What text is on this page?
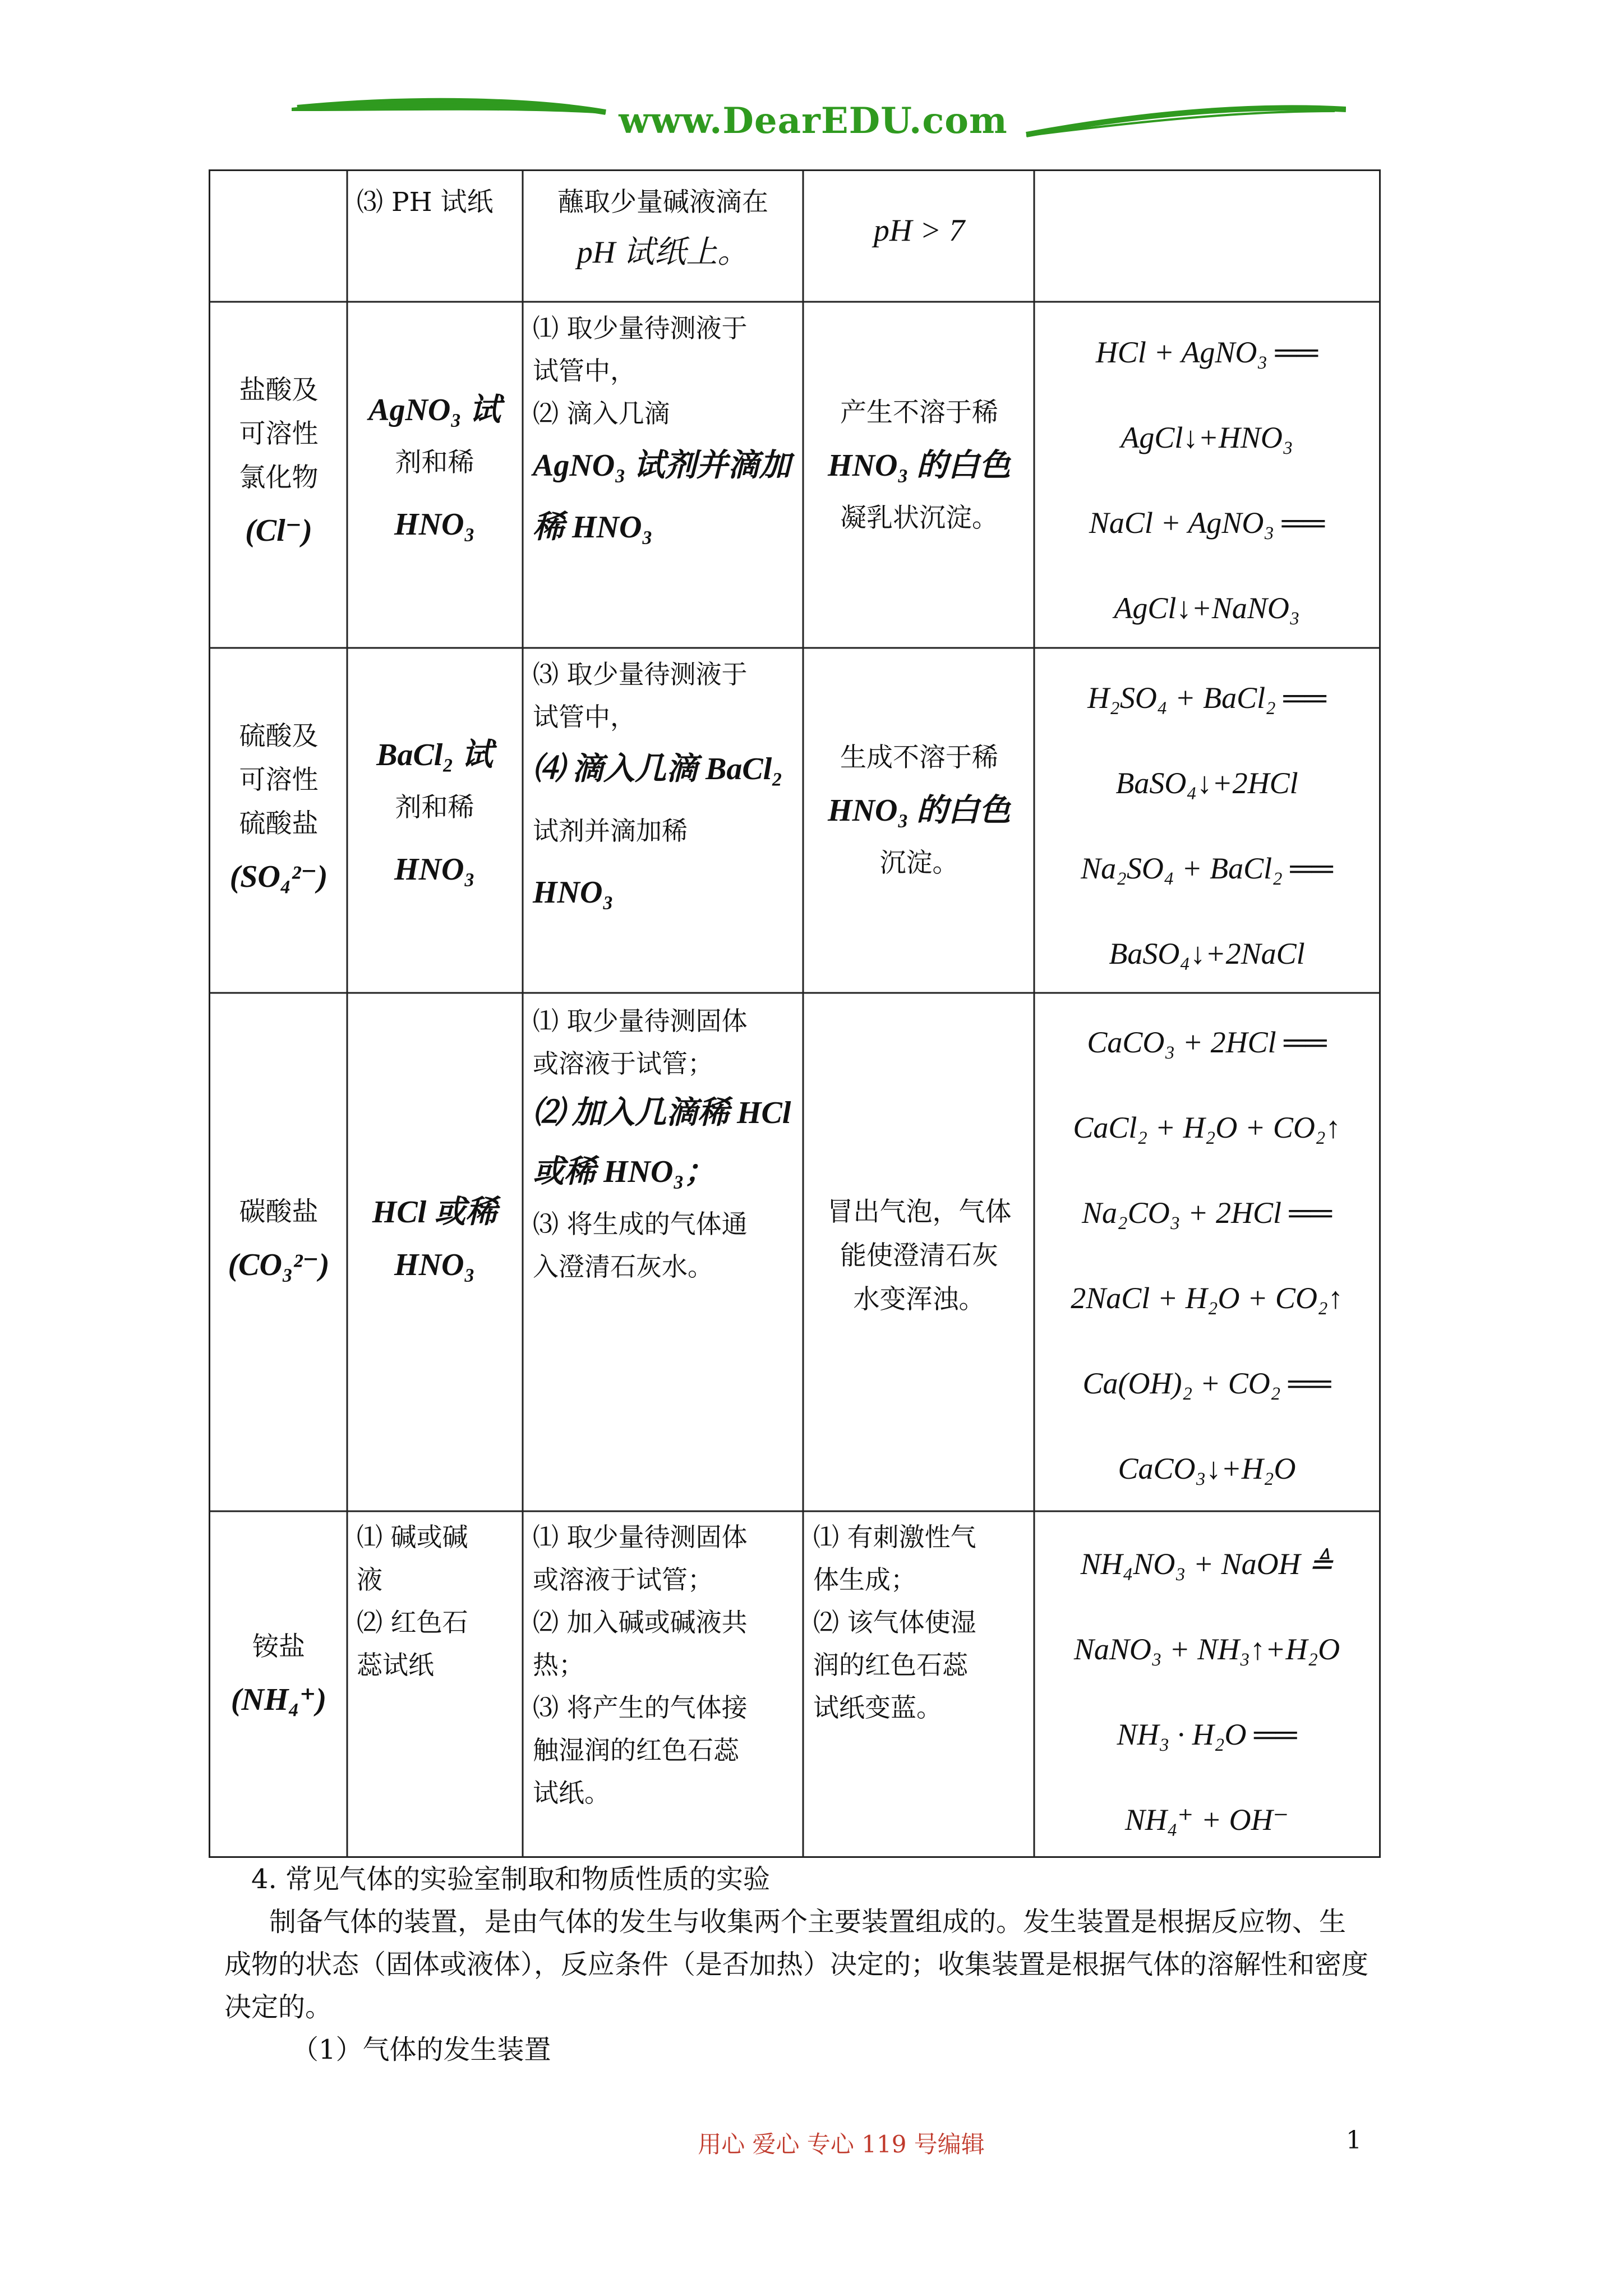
www.DearEDU.com
⑶ PH 试纸	蘸取少量碱液滴在
pH 试纸上。
pH > 7
盐酸及
可溶性
氯化物
(Cl⁻)
AgNO₃ 试
剂和稀
HNO₃
⑴ 取少量待测液于
试管中，
⑵ 滴入几滴
AgNO₃ 试剂并滴加
稀 HNO₃
产生不溶于稀
HNO₃ 的白色
凝乳状沉淀。
HCl + AgNO₃ ══
AgCl↓+HNO₃
NaCl + AgNO₃ ══
AgCl↓+NaNO₃
硫酸及
可溶性
硫酸盐
(SO₄²⁻)
BaCl₂ 试
剂和稀
HNO₃
⑶ 取少量待测液于
试管中，
⑷ 滴入几滴 BaCl₂
试剂并滴加稀
HNO₃
生成不溶于稀
HNO₃ 的白色
沉淀。
H₂SO₄ + BaCl₂ ══
BaSO₄↓+2HCl
Na₂SO₄ + BaCl₂ ══
BaSO₄↓+2NaCl
碳酸盐
(CO₃²⁻)
HCl 或稀
HNO₃
⑴ 取少量待测固体
或溶液于试管；
⑵ 加入几滴稀 HCl
或稀 HNO₃；
⑶ 将生成的气体通
入澄清石灰水。
冒出气泡，气体
能使澄清石灰
水变浑浊。
CaCO₃ + 2HCl ══
CaCl₂ + H₂O + CO₂↑
Na₂CO₃ + 2HCl ══
2NaCl + H₂O + CO₂↑
Ca(OH)₂ + CO₂ ══
CaCO₃↓+H₂O
铵盐
(NH₄⁺)
⑴ 碱或碱
液
⑵ 红色石
蕊试纸
⑴ 取少量待测固体
或溶液于试管；
⑵ 加入碱或碱液共
热；
⑶ 将产生的气体接
触湿润的红色石蕊
试纸。
⑴ 有刺激性气
体生成；
⑵ 该气体使湿
润的红色石蕊
试纸变蓝。
NH₄NO₃ + NaOH ≜
NaNO₃ + NH₃↑+H₂O
NH₃ · H₂O ══
NH₄⁺ + OH⁻
4. 常见气体的实验室制取和物质性质的实验
制备气体的装置，是由气体的发生与收集两个主要装置组成的。发生装置是根据反应物、生
成物的状态（固体或液体），反应条件（是否加热）决定的；收集装置是根据气体的溶解性和密度
决定的。
（1）气体的发生装置
用心 爱心 专心 119 号编辑	1
